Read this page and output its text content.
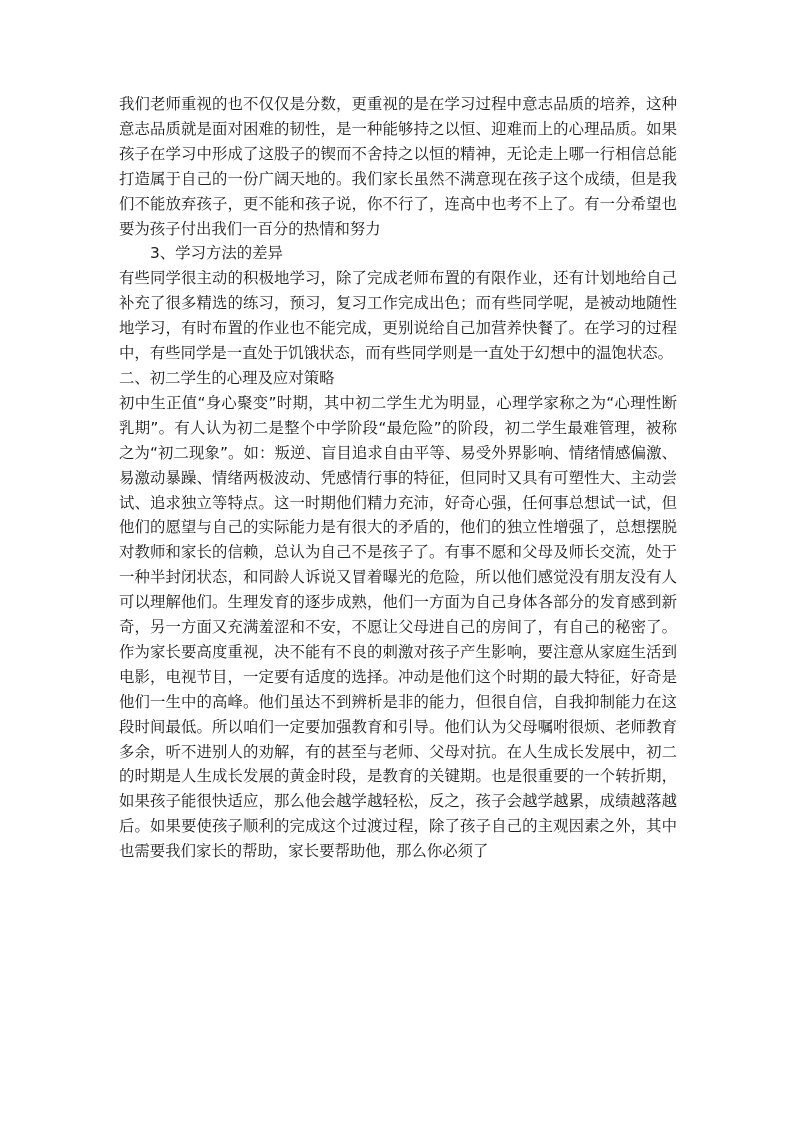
我们老师重视的也不仅仅是分数，更重视的是在学习过程中意志品质的培养，这种意志品质就是面对困难的韧性，是一种能够持之以恒、迎难而上的心理品质。如果孩子在学习中形成了这股子的锲而不舍持之以恒的精神，无论走上哪一行相信总能打造属于自己的一份广阔天地的。我们家长虽然不满意现在孩子这个成绩，但是我们不能放弃孩子，更不能和孩子说，你不行了，连高中也考不上了。有一分希望也要为孩子付出我们一百分的热情和努力

3、学习方法的差异

有些同学很主动的积极地学习，除了完成老师布置的有限作业，还有计划地给自己补充了很多精选的练习，预习，复习工作完成出色；而有些同学呢，是被动地随性地学习，有时布置的作业也不能完成，更别说给自己加营养快餐了。在学习的过程中，有些同学是一直处于饥饿状态，而有些同学则是一直处于幻想中的温饱状态。

二、初二学生的心理及应对策略

初中生正值“身心聚变”时期，其中初二学生尤为明显，心理学家称之为“心理性断乳期”。有人认为初二是整个中学阶段“最危险”的阶段，初二学生最难管理，被称之为“初二现象”。如：叛逆、盲目追求自由平等、易受外界影响、情绪情感偏激、易激动暴躁、情绪两极波动、凭感情行事的特征，但同时又具有可塑性大、主动尝试、追求独立等特点。这一时期他们精力充沛，好奇心强，任何事总想试一试，但他们的愿望与自己的实际能力是有很大的矛盾的，他们的独立性增强了，总想摆脱对教师和家长的信赖，总认为自己不是孩子了。有事不愿和父母及师长交流，处于一种半封闭状态，和同龄人诉说又冒着曝光的危险，所以他们感觉没有朋友没有人可以理解他们。生理发育的逐步成熟，他们一方面为自己身体各部分的发育感到新奇，另一方面又充满羞涩和不安，不愿让父母进自己的房间了，有自己的秘密了。作为家长要高度重视，决不能有不良的刺激对孩子产生影响，要注意从家庭生活到电影，电视节目，一定要有适度的选择。冲动是他们这个时期的最大特征，好奇是他们一生中的高峰。他们虽达不到辨析是非的能力，但很自信，自我抑制能力在这段时间最低。所以咱们一定要加强教育和引导。他们认为父母嘱咐很烦、老师教育多余，听不进别人的劝解，有的甚至与老师、父母对抗。在人生成长发展中，初二的时期是人生成长发展的黄金时段，是教育的关键期。也是很重要的一个转折期，如果孩子能很快适应，那么他会越学越轻松，反之，孩子会越学越累，成绩越落越后。如果要使孩子顺利的完成这个过渡过程，除了孩子自己的主观因素之外，其中也需要我们家长的帮助，家长要帮助他，那么你必须了
